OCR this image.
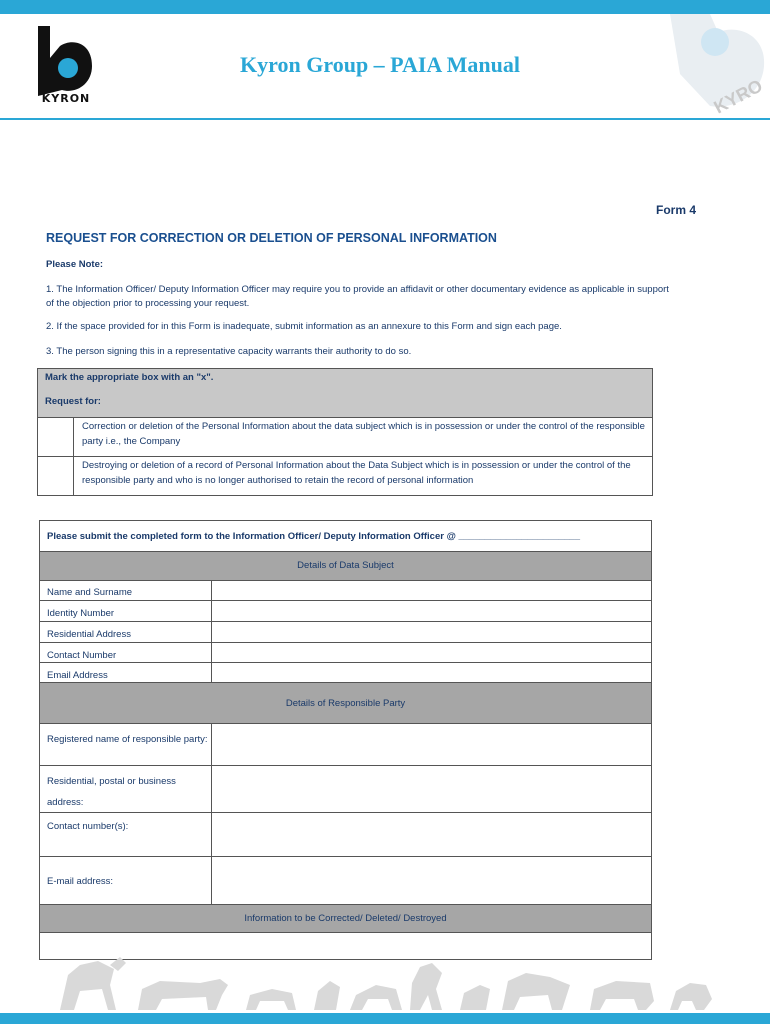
KYRON
Kyron Group – PAIA Manual
KYRO
Form 4
REQUEST FOR CORRECTION OR DELETION OF PERSONAL INFORMATION
Please Note:
1. The Information Officer/ Deputy Information Officer may require you to provide an affidavit or other documentary evidence as applicable in support of the objection prior to processing your request.
2. If the space provided for in this Form is inadequate, submit information as an annexure to this Form and sign each page.
3. The person signing this in a representative capacity warrants their authority to do so.
Mark the appropriate box with an "x".
Request for:
Correction or deletion of the Personal Information about the data subject which is in possession or under the control of the responsible party i.e., the Company
Destroying or deletion of a record of Personal Information about the Data Subject which is in possession or under the control of the responsible party and who is no longer authorised to retain the record of personal information
Please submit the completed form to the Information Officer/ Deputy Information Officer @ _______________________
Details of Data Subject
Name and Surname
Identity Number
Residential Address
Contact Number
Email Address
Details of Responsible Party
Registered name of responsible party:
Residential, postal or business address:
Contact number(s):
E-mail address:
Information to be Corrected/ Deleted/ Destroyed
